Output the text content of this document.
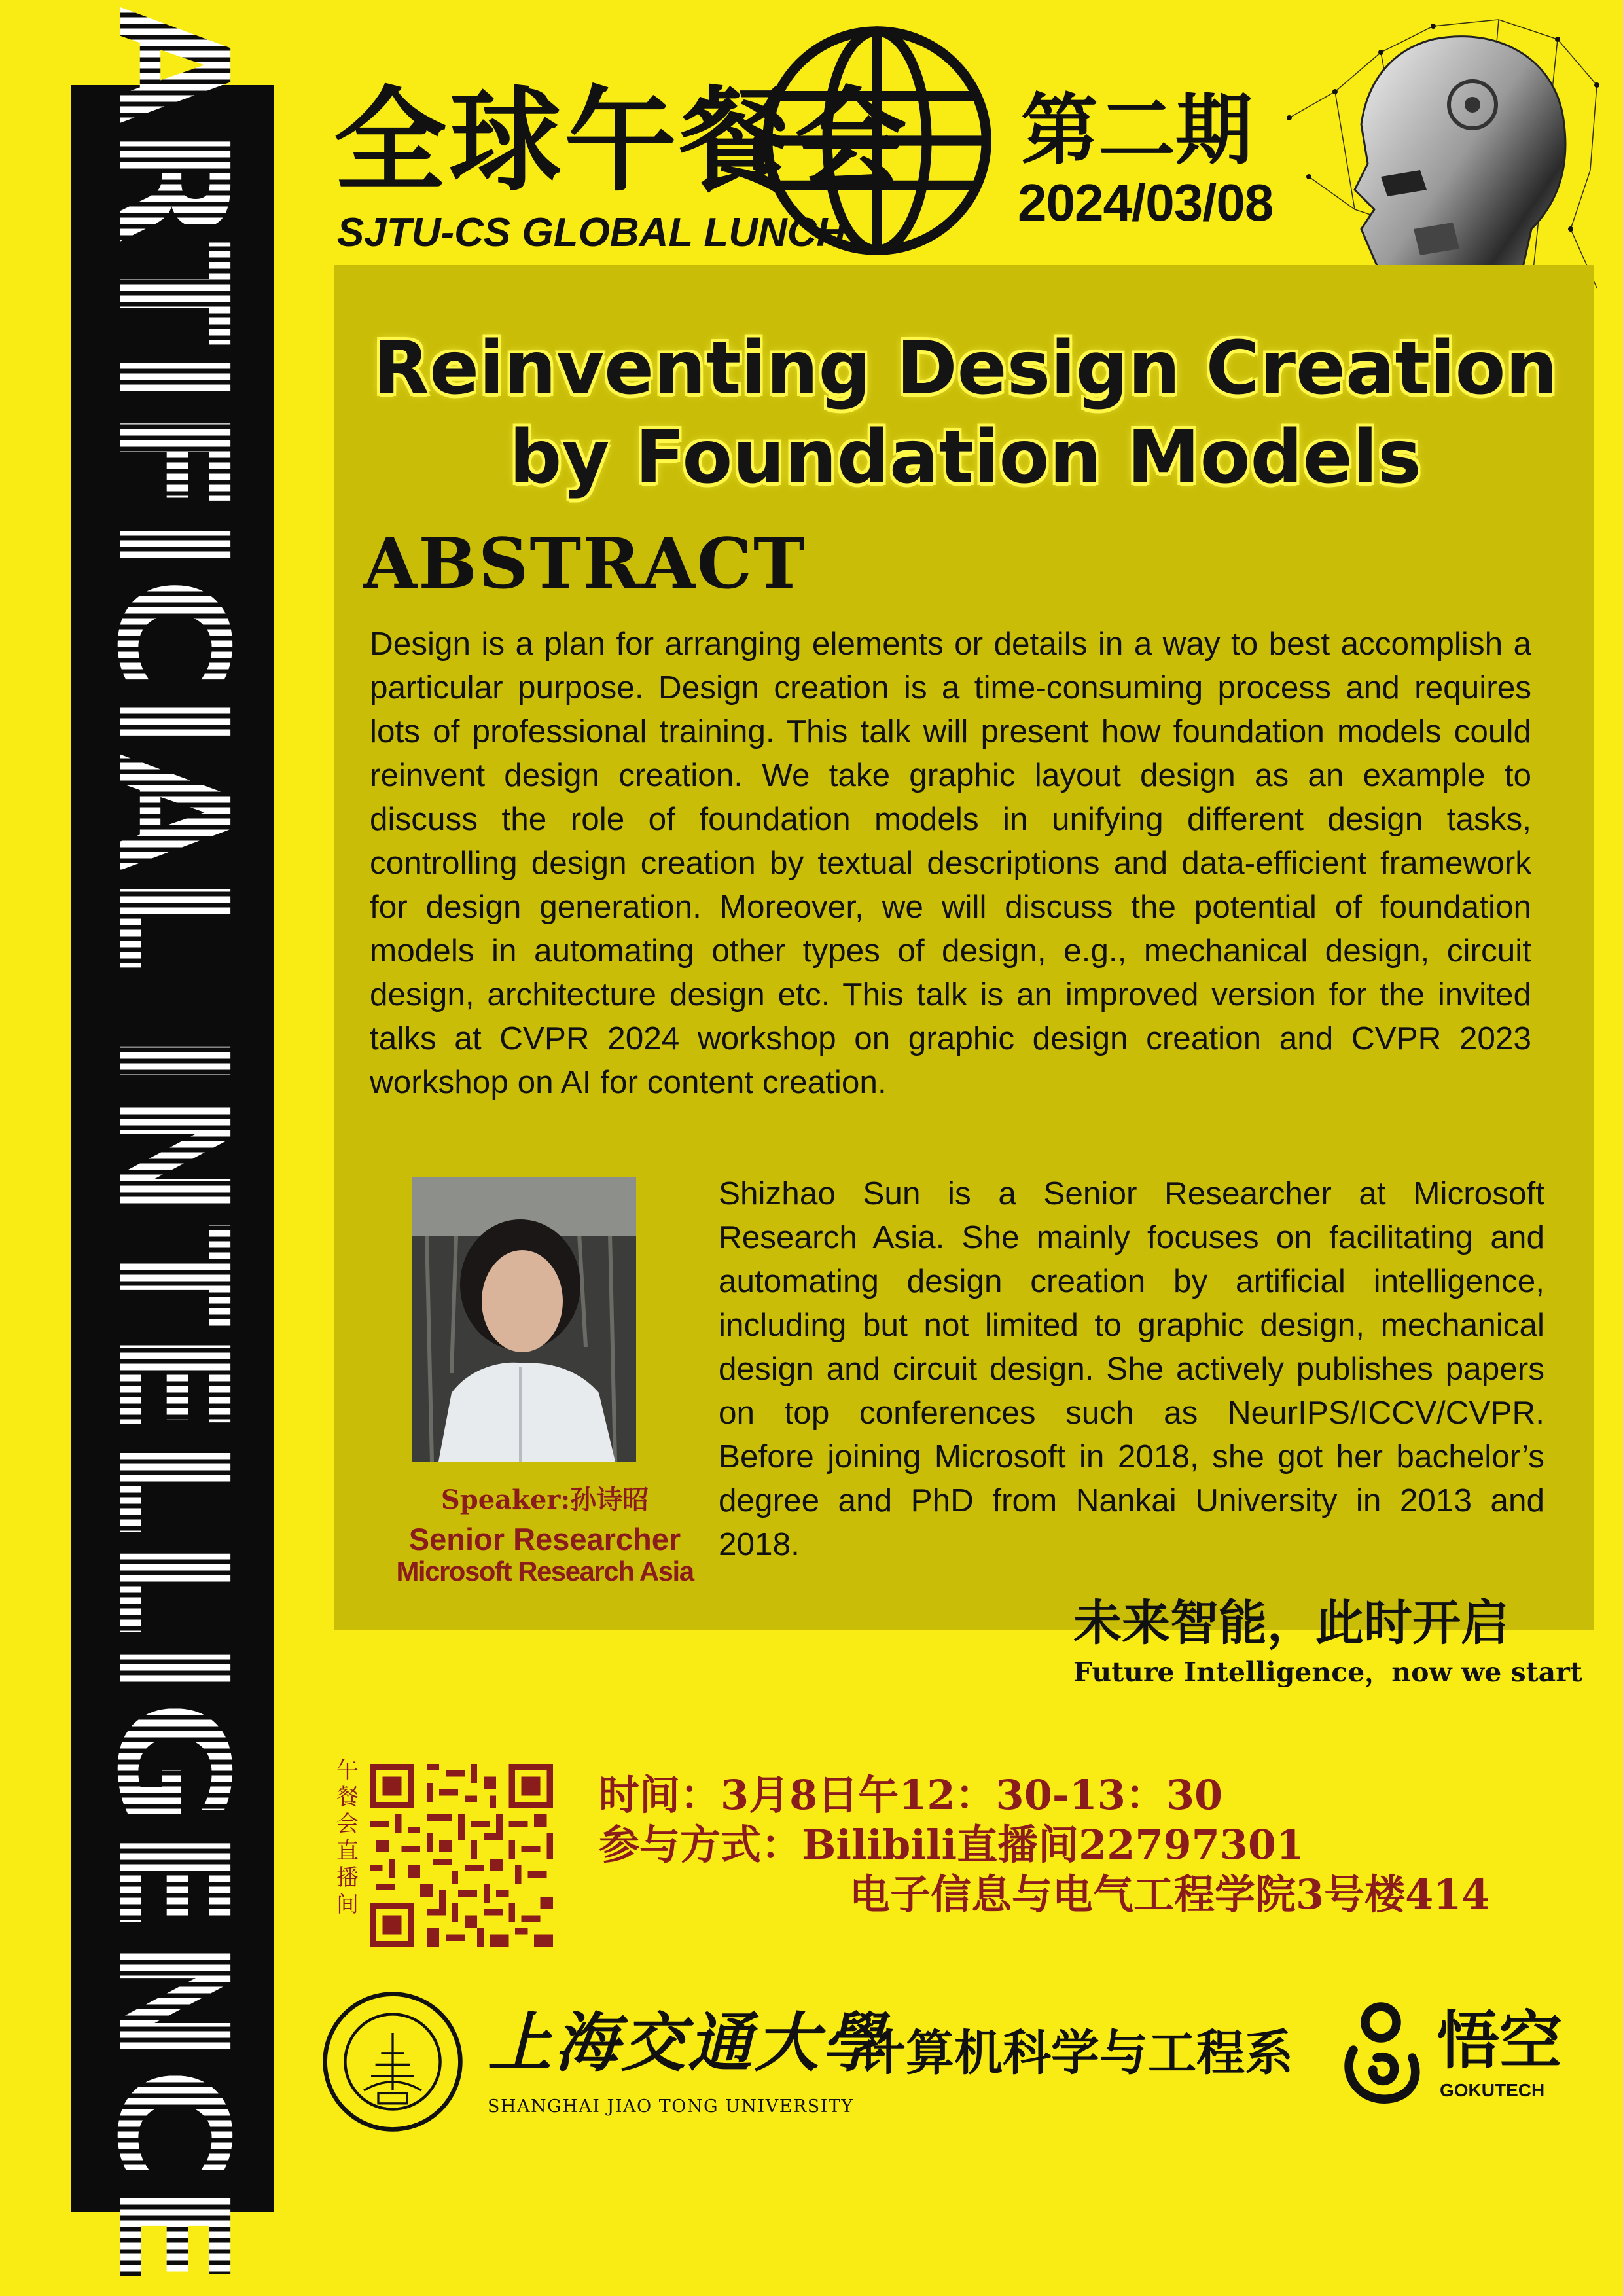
ARTIFICIAL INTELLIGENCE 全球午餐会
SJTU-CS GLOBAL LUNCH
第二期
2024/03/08
Reinventing Design Creation
by Foundation Models
ABSTRACT
Design is a plan for arranging elements or details in a way to best accomplish a particular purpose. Design creation is a time-consuming process and requires lots of professional training. This talk will present how foundation models could reinvent design creation. We take graphic layout design as an example to discuss the role of foundation models in unifying different design tasks, controlling design creation by textual descriptions and data-efficient framework for design generation. Moreover, we will discuss the potential of foundation models in automating other types of design, e.g., mechanical design, circuit design, architecture design etc. This talk is an improved version for the invited talks at CVPR 2024 workshop on graphic design creation and CVPR 2023 workshop on AI for content creation.
Speaker:孙诗昭
Senior Researcher
Microsoft Research Asia
Shizhao Sun is a Senior Researcher at Microsoft Research Asia. She mainly focuses on facilitating and automating design creation by artificial intelligence, including but not limited to graphic design, mechanical design and circuit design. She actively publishes papers on top conferences such as NeurIPS/ICCV/CVPR. Before joining Microsoft in 2018, she got her bachelor’s degree and PhD from Nankai University in 2013 and 2018.
未来智能，此时开启
Future Intelligence，now we start
午餐会直播间
时间：3月8日午12：30-13：30
参与方式：Bilibili直播间22797301
电子信息与电气工程学院3号楼414
上海交通大學
SHANGHAI JIAO TONG UNIVERSITY
计算机科学与工程系 悟空
GOKUTECH
